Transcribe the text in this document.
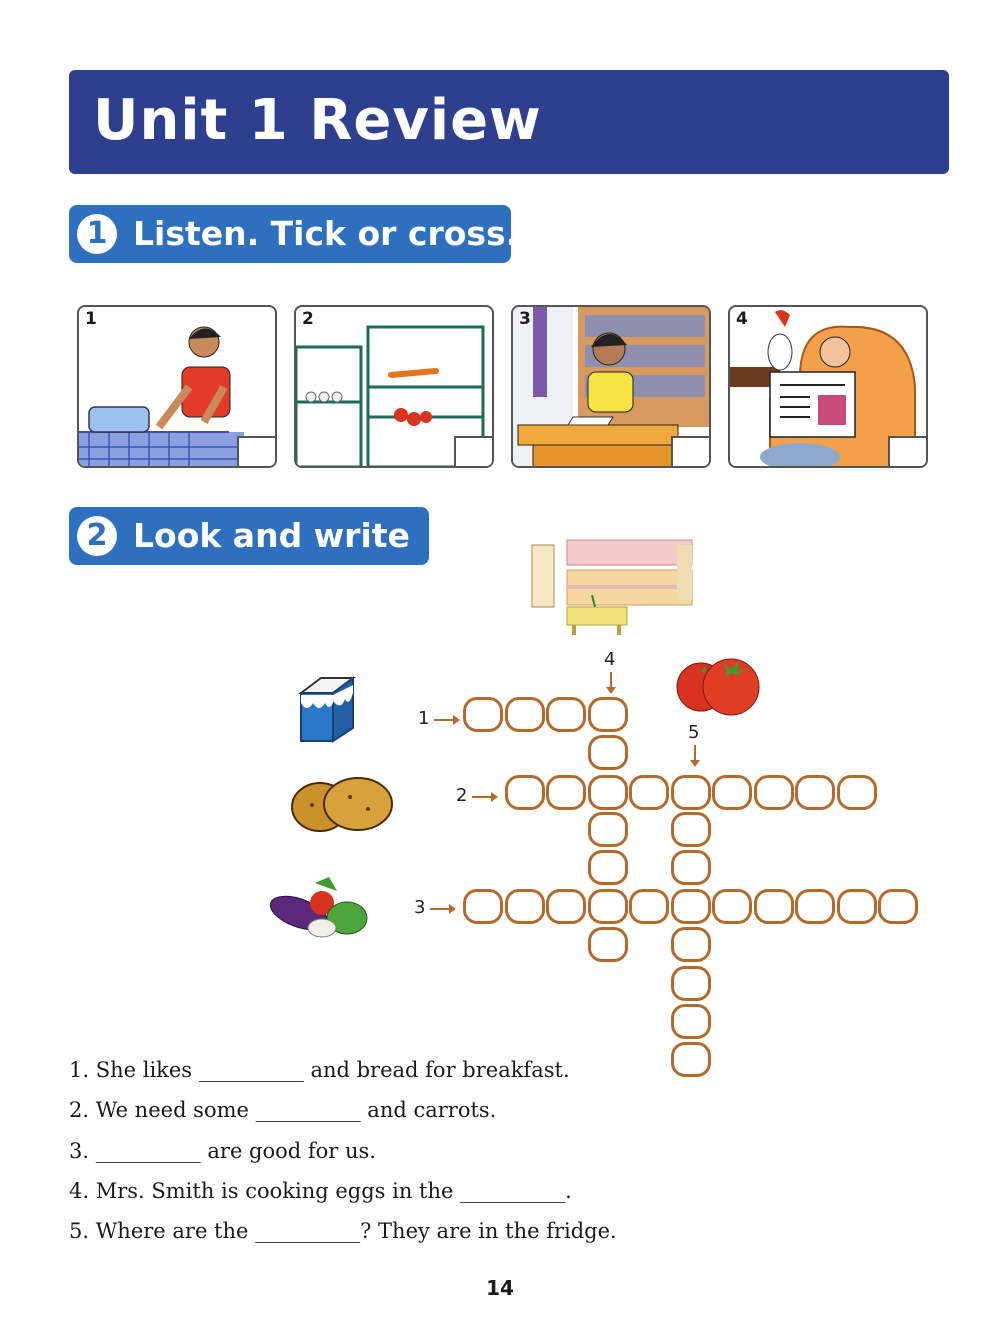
Unit 1 Review
1 Listen. Tick or cross.
1	2	3	4
2 Look and write
1
2
3
4
5
1. She likes __________ and bread for breakfast.
2. We need some __________ and carrots.
3. __________ are good for us.
4. Mrs. Smith is cooking eggs in the __________.
5. Where are the __________? They are in the fridge.
14
